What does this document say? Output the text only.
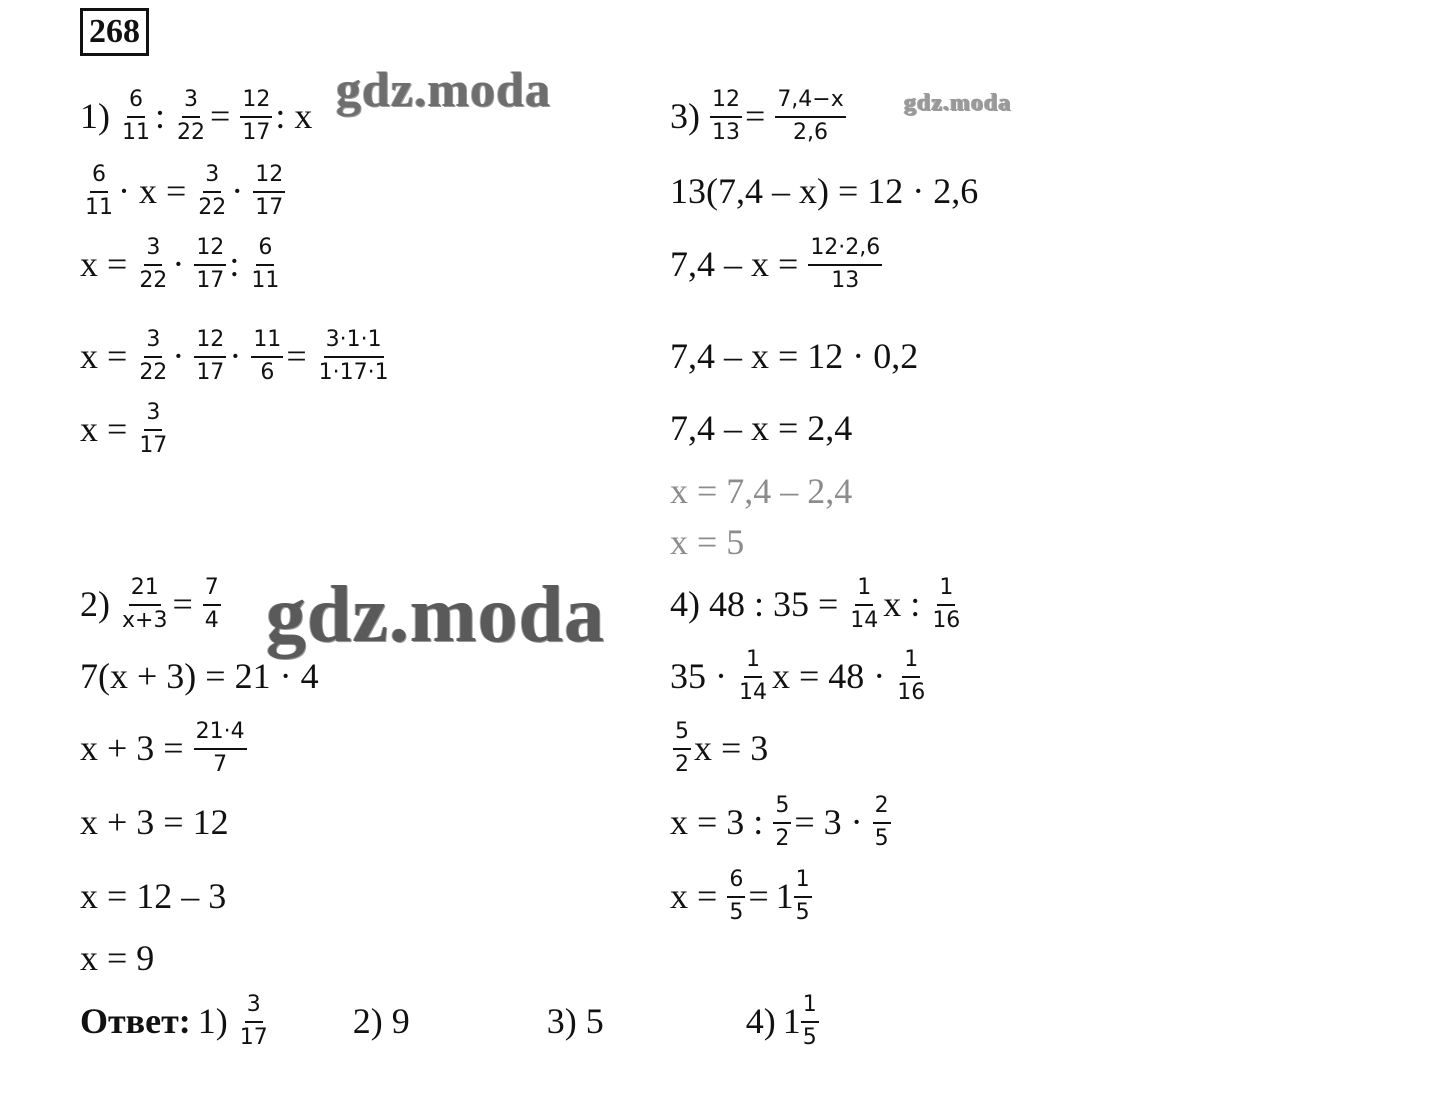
268
gdz.moda	gdz.moda
gdz.moda
$1) \frac{6}{11}$ : $\frac{3}{22} = \frac{12}{17}$ : x
$\frac{6}{11} \cdot x = \frac{3}{22} \cdot \frac{12}{17}$
$x = \frac{3}{22} \cdot \frac{12}{17}$ : $\frac{6}{11}$
$x = \frac{3}{22} \cdot \frac{12}{17} \cdot \frac{11}{6} = \frac{3\cdot 1\cdot 1}{1\cdot 17\cdot 1}$
$x = \frac{3}{17}$
$3) \frac{12}{13} = \frac{7,4-x}{2,6}$
13(7,4 – x) = 12 · 2,6
$7,4 - x = \frac{12\cdot 2,6}{13}$
7,4 – x = 12 · 0,2
7,4 – x = 2,4
x = 7,4 – 2,4
x = 5
$2) \frac{21}{x+3} = \frac{7}{4}$
7(x + 3) = 21 · 4
$x + 3 = \frac{21\cdot 4}{7}$
x + 3 = 12
x = 12 – 3
x = 9
4) 48 : $35 = \frac{1}{14}$ x : $\frac{1}{16}$
$35 \cdot \frac{1}{14}$ $x = 48 \cdot \frac{1}{16}$
$\frac{5}{2}$ x = 3
x = 3 : $\frac{5}{2} = 3 \cdot \frac{2}{5}$
$x = \frac{6}{5} = 1 \frac{1}{5}$
Ответ: $1) \frac{3}{17} 2$) 9	3) 5	4) $1 \frac{1}{5}$
